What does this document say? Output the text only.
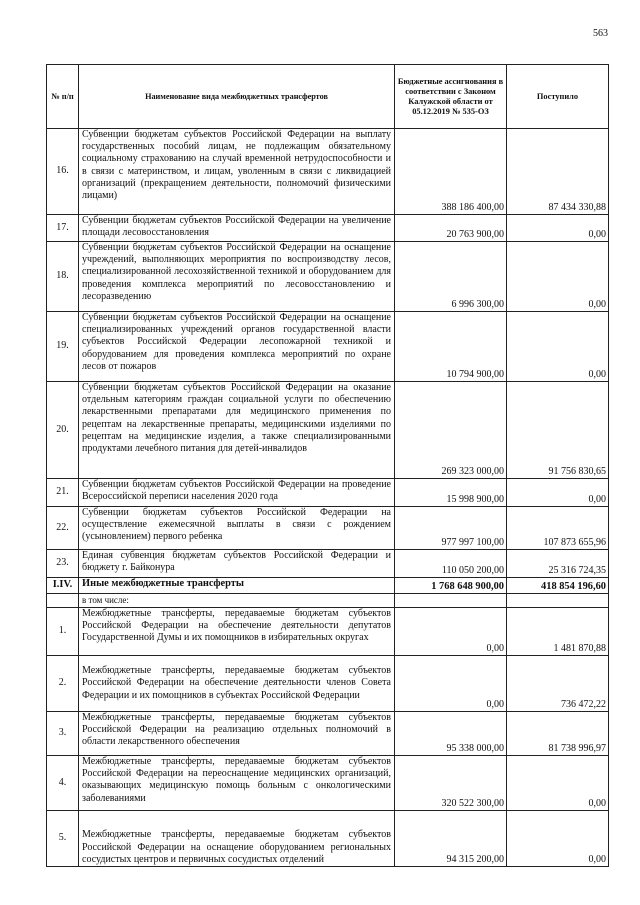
563
№ п/п	Наименование вида межбюджетных трансфертов	Бюджетные ассигнования в соответствии с Законом Калужской области от 05.12.2019 № 535-ОЗ	Поступило
16.	Субвенции бюджетам субъектов Российской Федерации на выплату государственных пособий лицам, не подлежащим обязательному социальному страхованию на случай временной нетрудоспособности и в связи с материнством, и лицам, уволенным в связи с ликвидацией организаций (прекращением деятельности, полномочий физическими лицами)	388 186 400,00	87 434 330,88
17.	Субвенции бюджетам субъектов Российской Федерации на увеличение площади лесовосстановления	20 763 900,00	0,00
18.	Субвенции бюджетам субъектов Российской Федерации на оснащение учреждений, выполняющих мероприятия по воспроизводству лесов, специализированной лесохозяйственной техникой и оборудованием для проведения комплекса мероприятий по лесовосстановлению и лесоразведению	6 996 300,00	0,00
19.	Субвенции бюджетам субъектов Российской Федерации на оснащение специализированных учреждений органов государственной власти субъектов Российской Федерации лесопожарной техникой и оборудованием для проведения комплекса мероприятий по охране лесов от пожаров	10 794 900,00	0,00
20.	Субвенции бюджетам субъектов Российской Федерации на оказание отдельным категориям граждан социальной услуги по обеспечению лекарственными препаратами для медицинского применения по рецептам на лекарственные препараты, медицинскими изделиями по рецептам на медицинские изделия, а также специализированными продуктами лечебного питания для детей-инвалидов	269 323 000,00	91 756 830,65
21.	Субвенции бюджетам субъектов Российской Федерации на проведение Всероссийской переписи населения 2020 года	15 998 900,00	0,00
22.	Субвенции бюджетам субъектов Российской Федерации на осуществление ежемесячной выплаты в связи с рождением (усыновлением) первого ребенка	977 997 100,00	107 873 655,96
23.	Единая субвенция бюджетам субъектов Российской Федерации и бюджету г. Байконура	110 050 200,00	25 316 724,35
I.IV.	Иные межбюджетные трансферты	1 768 648 900,00	418 854 196,60
	в том числе:		
1.	Межбюджетные трансферты, передаваемые бюджетам субъектов Российской Федерации на обеспечение деятельности депутатов Государственной Думы и их помощников в избирательных округах	0,00	1 481 870,88
2.	Межбюджетные трансферты, передаваемые бюджетам субъектов Российской Федерации на обеспечение деятельности членов Совета Федерации и их помощников в субъектах Российской Федерации	0,00	736 472,22
3.	Межбюджетные трансферты, передаваемые бюджетам субъектов Российской Федерации на реализацию отдельных полномочий в области лекарственного обеспечения	95 338 000,00	81 738 996,97
4.	Межбюджетные трансферты, передаваемые бюджетам субъектов Российской Федерации на переоснащение медицинских организаций, оказывающих медицинскую помощь больным с онкологическими заболеваниями	320 522 300,00	0,00
5.	Межбюджетные трансферты, передаваемые бюджетам субъектов Российской Федерации на оснащение оборудованием региональных сосудистых центров и первичных сосудистых отделений	94 315 200,00	0,00
